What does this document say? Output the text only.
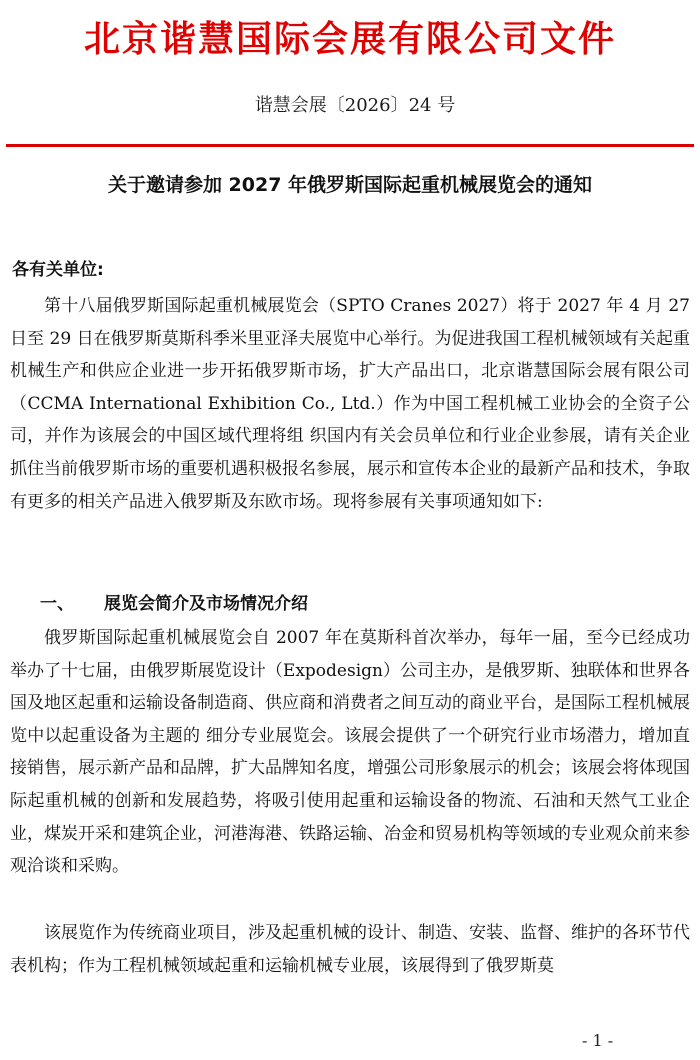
北京谐慧国际会展有限公司文件
谐慧会展〔2026〕24 号
关于邀请参加 2027 年俄罗斯国际起重机械展览会的通知
各有关单位:

第十八届俄罗斯国际起重机械展览会（SPTO Cranes 2027）将于 2027 年 4 月 27 日至 29 日在俄罗斯莫斯科季米里亚泽夫展览中心举行。为促进我国工程机械领域有关起重机械生产和供应企业进一步开拓俄罗斯市场，扩大产品出口，北京谐慧国际会展有限公司（CCMA International Exhibition Co., Ltd.）作为中国工程机械工业协会的全资子公司，并作为该展会的中国区域代理将组 织国内有关会员单位和行业企业参展，请有关企业抓住当前俄罗斯市场的重要机遇积极报名参展，展示和宣传本企业的最新产品和技术，争取有更多的相关产品进入俄罗斯及东欧市场。现将参展有关事项通知如下:

一、 展览会简介及市场情况介绍

俄罗斯国际起重机械展览会自 2007 年在莫斯科首次举办，每年一届，至今已经成功举办了十七届，由俄罗斯展览设计（Expodesign）公司主办，是俄罗斯、独联体和世界各国及地区起重和运输设备制造商、供应商和消费者之间互动的商业平台，是国际工程机械展览中以起重设备为主题的 细分专业展览会。该展会提供了一个研究行业市场潜力，增加直接销售，展示新产品和品牌，扩大品牌知名度，增强公司形象展示的机会；该展会将体现国际起重机械的创新和发展趋势，将吸引使用起重和运输设备的物流、石油和天然气工业企业，煤炭开采和建筑企业，河港海港、铁路运输、冶金和贸易机构等领域的专业观众前来参观洽谈和采购。

该展览作为传统商业项目，涉及起重机械的设计、制造、安装、监督、维护的各环节代表机构；作为工程机械领域起重和运输机械专业展，该展得到了俄罗斯莫

- 1 -
